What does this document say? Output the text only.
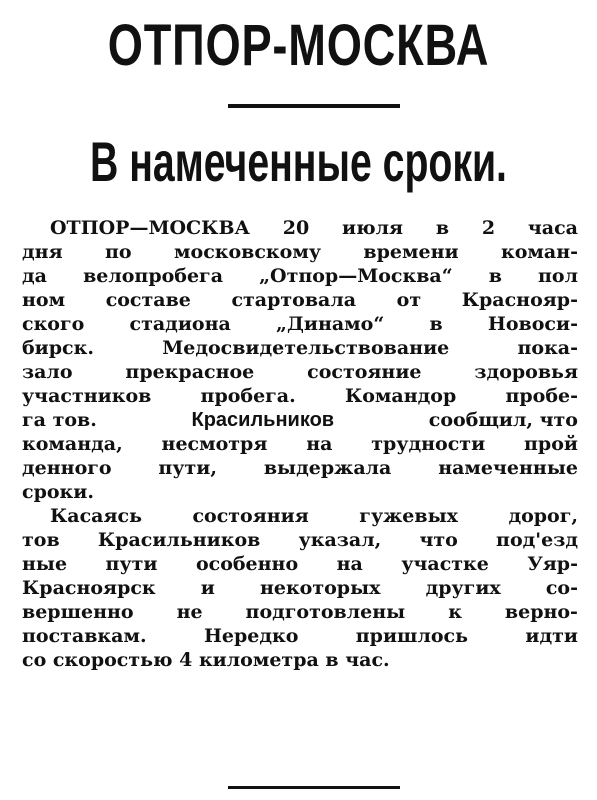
ОТПОР-МОСКВА
В намеченные сроки.
ОТПОР—МОСКВА 20 июля в 2 часа
дня по московскому времени коман-
да велопробега „Отпор—Москва“ в пол
ном составе стартовала от Краснояр-
ского стадиона „Динамо“ в Новоси-
бирск.	Медосвидетельствование	пока-
зало	прекрасное	состояние	здоровья
участников	пробега.	Командор	пробе-
га тов.	Красильников	сообщил, что
команда, несмотря на трудности прой
денного пути, выдержала намеченные
сроки.
Касаясь	состояния	гужевых	дорог,
тов Красильников указал, что под'езд
ные пути особенно на участке Уяр-
Красноярск и некоторых других со-
вершенно не подготовлены к верно-
поставкам.	Нередко	пришлось	идти
со скоростью 4 километра в час.
